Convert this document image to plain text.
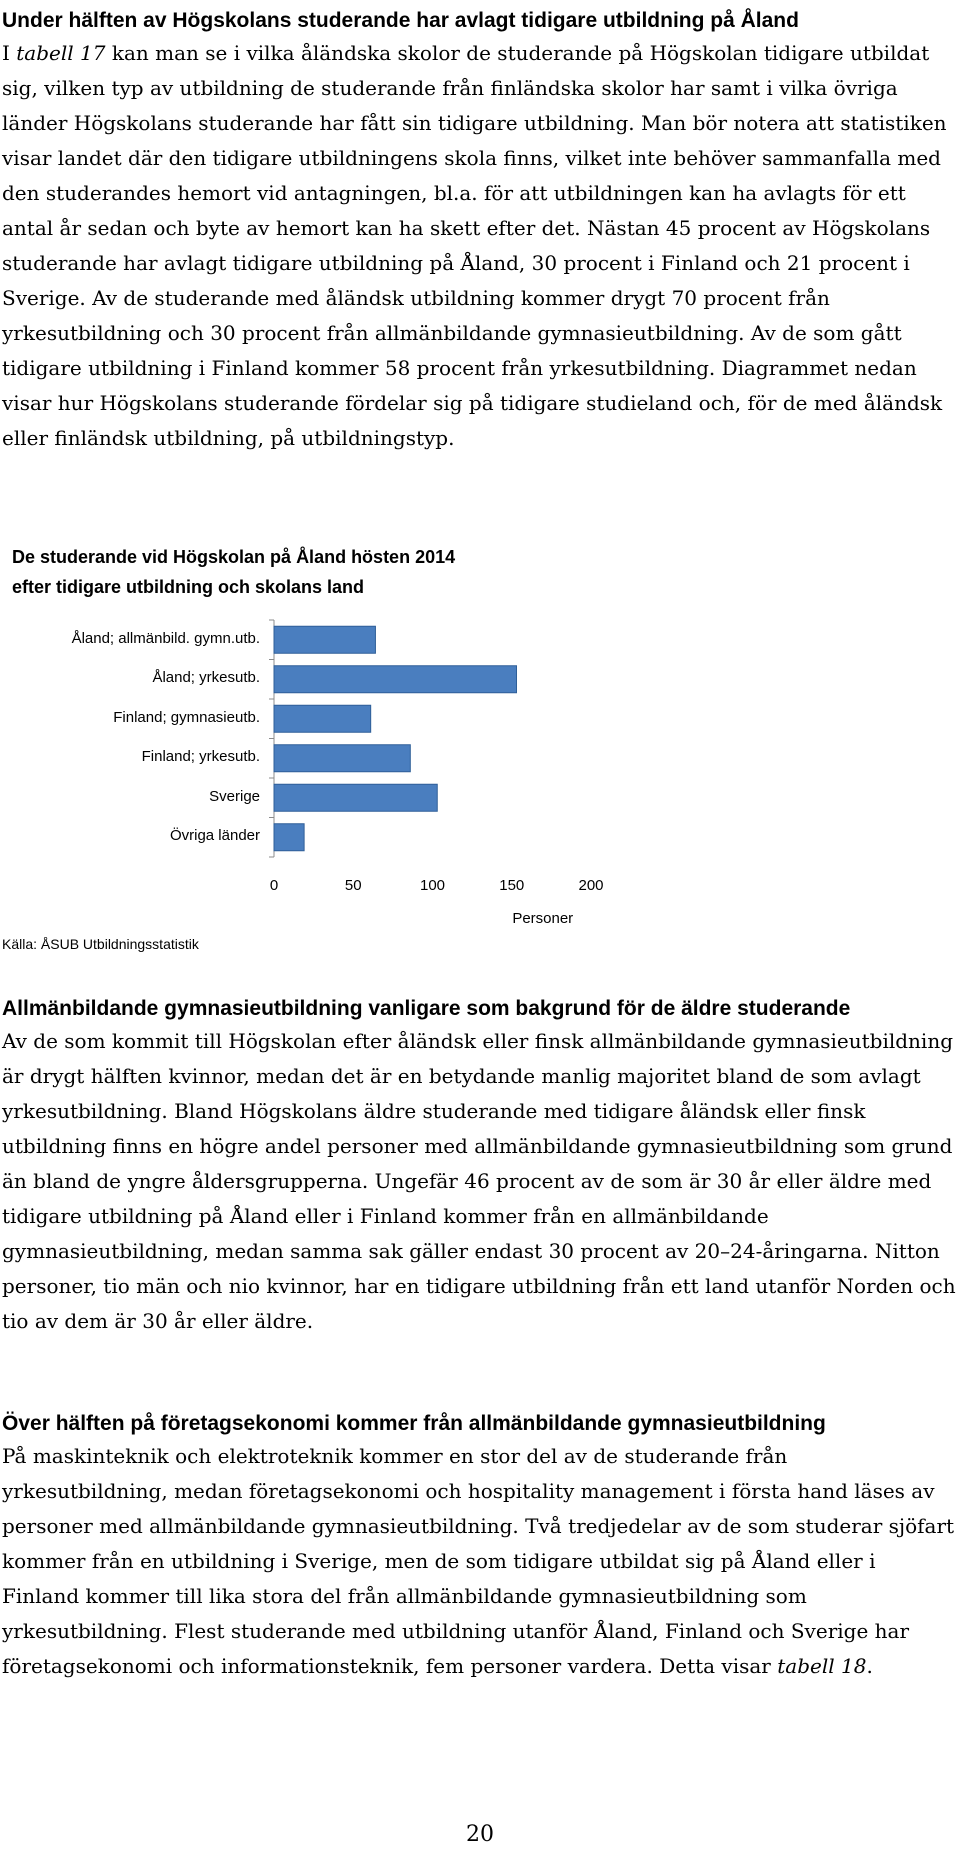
Under hälften av Högskolans studerande har avlagt tidigare utbildning på Åland

I tabell 17 kan man se i vilka åländska skolor de studerande på Högskolan tidigare utbildat sig, vilken typ av utbildning de studerande från finländska skolor har samt i vilka övriga länder Högskolans studerande har fått sin tidigare utbildning. Man bör notera att statistiken visar landet där den tidigare utbildningens skola finns, vilket inte behöver sammanfalla med den studerandes hemort vid antagningen, bl.a. för att utbildningen kan ha avlagts för ett antal år sedan och byte av hemort kan ha skett efter det. Nästan 45 procent av Högskolans studerande har avlagt tidigare utbildning på Åland, 30 procent i Finland och 21 procent i Sverige. Av de studerande med åländsk utbildning kommer drygt 70 procent från yrkesutbildning och 30 procent från allmänbildande gymnasieutbildning. Av de som gått tidigare utbildning i Finland kommer 58 procent från yrkesutbildning. Diagrammet nedan visar hur Högskolans studerande fördelar sig på tidigare studieland och, för de med åländsk eller finländsk utbildning, på utbildningstyp.

De studerande vid Högskolan på Åland hösten 2014
efter tidigare utbildning och skolans land
Åland; allmänbild. gymn.utb.
Åland; yrkesutb.
Finland; gymnasieutb.
Finland; yrkesutb.
Sverige
Övriga länder
0	50	100	150	200
Personer
Källa: ÅSUB Utbildningsstatistik
Allmänbildande gymnasieutbildning vanligare som bakgrund för de äldre studerande

Av de som kommit till Högskolan efter åländsk eller finsk allmänbildande gymnasieutbildning är drygt hälften kvinnor, medan det är en betydande manlig majoritet bland de som avlagt yrkesutbildning. Bland Högskolans äldre studerande med tidigare åländsk eller finsk utbildning finns en högre andel personer med allmänbildande gymnasieutbildning som grund än bland de yngre åldersgrupperna. Ungefär 46 procent av de som är 30 år eller äldre med tidigare utbildning på Åland eller i Finland kommer från en allmänbildande gymnasieutbildning, medan samma sak gäller endast 30 procent av 20–24-åringarna. Nitton personer, tio män och nio kvinnor, har en tidigare utbildning från ett land utanför Norden och tio av dem är 30 år eller äldre.

Över hälften på företagsekonomi kommer från allmänbildande gymnasieutbildning

På maskinteknik och elektroteknik kommer en stor del av de studerande från yrkesutbildning, medan företagsekonomi och hospitality management i första hand läses av personer med allmänbildande gymnasieutbildning. Två tredjedelar av de som studerar sjöfart kommer från en utbildning i Sverige, men de som tidigare utbildat sig på Åland eller i Finland kommer till lika stora del från allmänbildande gymnasieutbildning som yrkesutbildning. Flest studerande med utbildning utanför Åland, Finland och Sverige har företagsekonomi och informationsteknik, fem personer vardera. Detta visar tabell 18.

20
